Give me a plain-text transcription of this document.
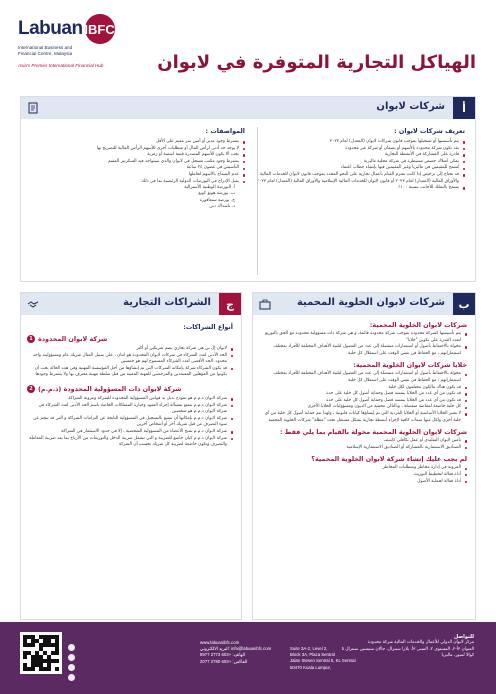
Labuan IBFC
International Business and
Financial Centre, Malaysia
Asia's Premier International Financial Hub	الهياكل التجارية المتوفرة في لابوان
شركات لابوان	أ
تعريف شركات لابوان :
يتم تأسيسها أو تسجيلها بموجب قانون شركات لابوان (المعدل) لعام ٢٠٢٣
يقد تكون شركة محدودة بالأسهم أو بضمان أو شركة غير محدودة
قادرة على المشاركة في الأنشطة التجارية
يمكن امتلاك حصص مسيطرة في شركة محلية ماليزية
يُسمح للمقيمين في ماليزيا وغير المقيمين فيها بإنشاء خطاب اعتماد
قد تحتاج إلى ترخيص إذا كانت تعتزم القيام بأعمال تجارية على النحو المحدد بموجب قانون لابوان للخدمات المالية والأوراق المالية (المعدل) لعام ٢٠٢٣ أو قانون لابوان للخدمات المالية الإسلامية والأوراق المالية (المعدل) لعام ٢٠٢٣
يسمح بالتملك للأجانب بنسبة ١٠٠٪
المواصفات :
يشترط وجود مدير أو أمين سر مقيم على الأقل
لا يوجد حد أدنى لرأس المال أو متطلبات أخرى للأسهم الرأس المالية للتصريح بها
يجب ألا يكون للأسهم المصدرة قيمة اسمية أو رمزية
يشترط وجود مكتب مسجل في لابوان والذي سيتواجد فيه السكرتير المقيم
التأسيس في غضون ٢٤ ساعة
عدم السماح بالأسهم لحاملها
يقبل الإدراج في البورصات الدولية الرئيسية بما في ذلك:
أ. البورصة الوطنية الأسترالية
ب. بورصة هونغ كونغ
ج. بورصة سنغافورة
د. ناسداك دبي
شركات لابوان الخلوية المحمية	ب
شركات لابوان الخلوية المحمية:
يتم تأسيسها كشركة محدودة بموجب شركة محدودة قائمة، و هي شركة ذات مسؤولية محدودة مع الحق بالتوزيع لتعدد القدرة على تكوين "خلايا"
مخولة بالاحتفاظ بأصول أو استثمارات منفصلة إلى عدد من الفصول لتلبية الأهداف المختلفة للأفراد بمختلف استثماراتهم ، مع الحفاظ في نفس الوقت على استقلال كل خلية
خلايا شركات لابوان الخلوية المحمية:
مخولة بالاحتفاظ بأصول أو استثمارات منفصلة إلى عدد من الفصول لتلبية الأهداف المختلفة للأفراد بمختلف استثماراتهم ، مع الحفاظ في نفس الوقت على استقلال كل خلية
قد يكون هناك مالكون مختلفون لكل خلية
قد تكون من أي عدد من الخلايا بنفسه فصل وحماية أصول كل خلية على حدة
قد تكون من أي عدد من الخلايا بنفسه فصل وحماية أصول كل خلية على حدة
كل خلية خاضعة لمقاصة منفصلة ، وبالتالي محمية من الديون ومسؤوليات الخلايا الأخرى
لا تعتبر الخلايا الأساسية أو الخلايا الفردية التي تم إنشاؤها كيانات قانونية ، ولهذا تتم حماية أصول كل خلية من أي خلية أخرى ولكل منها سمات كافية لإجراء أنشطة تجارية بشكل مستقل تحت "مظلة" شركات الخلوية المحمية
شركات لابوان الخلوية المحمية مخولة بالقيام بما يلي فقط :
تأمين لابوان التقليدي أو عمل تكافلي كابتيف
الصناديق الاستثمارية بالمشاركة أو الصناديق الاستثمارية الإسلامية
لم يجب عليك إنشاء شركة لابوان الخلوية المحمية؟
المرونة في إدارة مخاطر ومتطلبات المخاطر
أداة فعالة لتخطيط التوريث
أداة فعالة لحماية الأصول
الشراكات التجارية	ج
أنواع الشراكات:
1 شركة لابوان المحدودة
لابوان إل بي هي شركة تجاري يضم شريكين أو أكثر
الحد الأدنى لعدد الشركاء في شركات لابوان المحدودة هو اثنان ، على سبيل المثال شريك عام ومسؤوليته واحد محدود. الحد الأقصى لعدد الشركاء المسموح لهم هو خمسين
قد يكون الشركاء شركة بإمكانه الشركات التي تم إنشاؤها من أجل المؤسسة المهنية وفي هذه الحالة يجب أن يكونوا من المؤهلين المعتمدين والمرخصين للمهنة المعنية من قبل سلطة مهنية معترف بها ولا يشترط وجودها
2 شركة لابوان ذات المسؤولية المحدودة (ذ.م.م)
شركة لابوان ذ.م.م هو نموذج بديل به قوانين المسؤولية المحدودة للشركة ومرونة الشراكة
شركة لابوان ذ.م.م تتمتع بمسألة إجراء العقود وحيازة الممتلكات الخاصة باسم الحد الأدنى لعدد الشركاء في شركة لابوان ذ.م.م هو شخصين
شركة لابوان ذ.م.م بإمكانها أن تتسع بالتسجيل في المسؤولية الناتجة عن التزامات الشراكة و التي قد تنجم عن سوء التصرف من قبل شريك آخر أو أشخاص آخرين
شركة لابوان ذ.م.م تمنح الأعضاء من المسؤولية الشخصية ، إلا في حدود الاستثمار في الشراكة
شركة لابوان ذ.م.م كيان خاضع للضريبة و التي تشمل ضريبة الدخل والتوزيعات من الأرباح بما يعد ضريبة المعاملة والتصرف وتكون خاضعة لضريبة كل شريك بحسب أن الشركة
www.labuanibfc.com
البريد الالكتروني: info@labuanibfc.com
الهاتف: +603 2773 8977
الفاكس: +603 2780 2077
Suite 3A-2, Level 2,
Block 3A, Plaza Sentral
Jalan Stesen Sentral 5, KL Sentral
50470 Kuala Lumpur,
للتواصل
مركز لابوان الدولي للأعمال والخدمات المالية شركة محدودة
العنوان ٣أ-٢، المستوى ٢، المبنى ٣أ، بلازا سنترال، جالان ستيسين سنترال ٥
كوالا لمبور، ماليزيا
